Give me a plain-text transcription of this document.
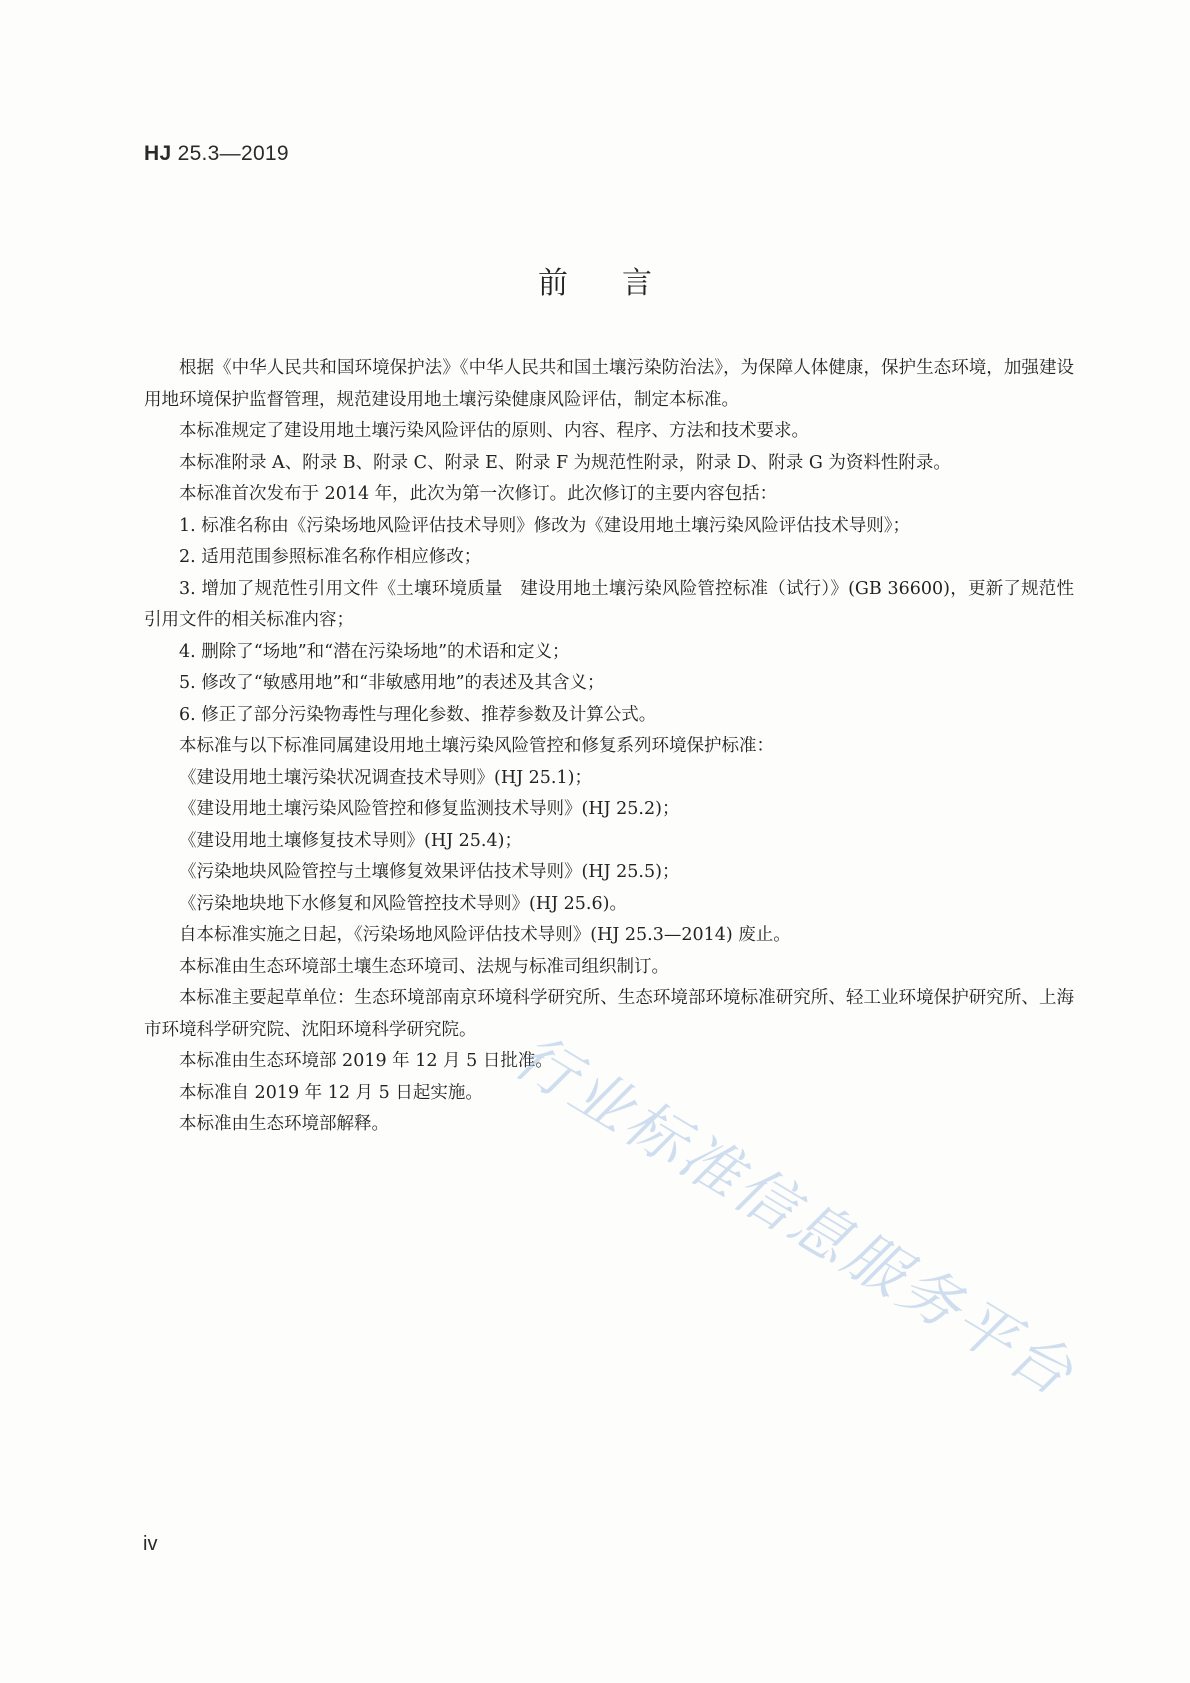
HJ 25.3—2019
前言

根据《中华人民共和国环境保护法》《中华人民共和国土壤污染防治法》，为保障人体健康，保护生态环境，加强建设用地环境保护监督管理，规范建设用地土壤污染健康风险评估，制定本标准。

本标准规定了建设用地土壤污染风险评估的原则、内容、程序、方法和技术要求。

本标准附录 A、附录 B、附录 C、附录 E、附录 F 为规范性附录，附录 D、附录 G 为资料性附录。

本标准首次发布于 2014 年，此次为第一次修订。此次修订的主要内容包括：

1. 标准名称由《污染场地风险评估技术导则》修改为《建设用地土壤污染风险评估技术导则》；

2. 适用范围参照标准名称作相应修改；

3. 增加了规范性引用文件《土壤环境质量　建设用地土壤污染风险管控标准（试行）》(GB 36600)，更新了规范性引用文件的相关标准内容；

4. 删除了“场地”和“潜在污染场地”的术语和定义；

5. 修改了“敏感用地”和“非敏感用地”的表述及其含义；

6. 修正了部分污染物毒性与理化参数、推荐参数及计算公式。

本标准与以下标准同属建设用地土壤污染风险管控和修复系列环境保护标准：

《建设用地土壤污染状况调查技术导则》(HJ 25.1)；

《建设用地土壤污染风险管控和修复监测技术导则》(HJ 25.2)；

《建设用地土壤修复技术导则》(HJ 25.4)；

《污染地块风险管控与土壤修复效果评估技术导则》(HJ 25.5)；

《污染地块地下水修复和风险管控技术导则》(HJ 25.6)。

自本标准实施之日起，《污染场地风险评估技术导则》(HJ 25.3—2014) 废止。

本标准由生态环境部土壤生态环境司、法规与标准司组织制订。

本标准主要起草单位：生态环境部南京环境科学研究所、生态环境部环境标准研究所、轻工业环境保护研究所、上海市环境科学研究院、沈阳环境科学研究院。

本标准由生态环境部 2019 年 12 月 5 日批准。

本标准自 2019 年 12 月 5 日起实施。

本标准由生态环境部解释。	行业标准信息服务平台
iv
